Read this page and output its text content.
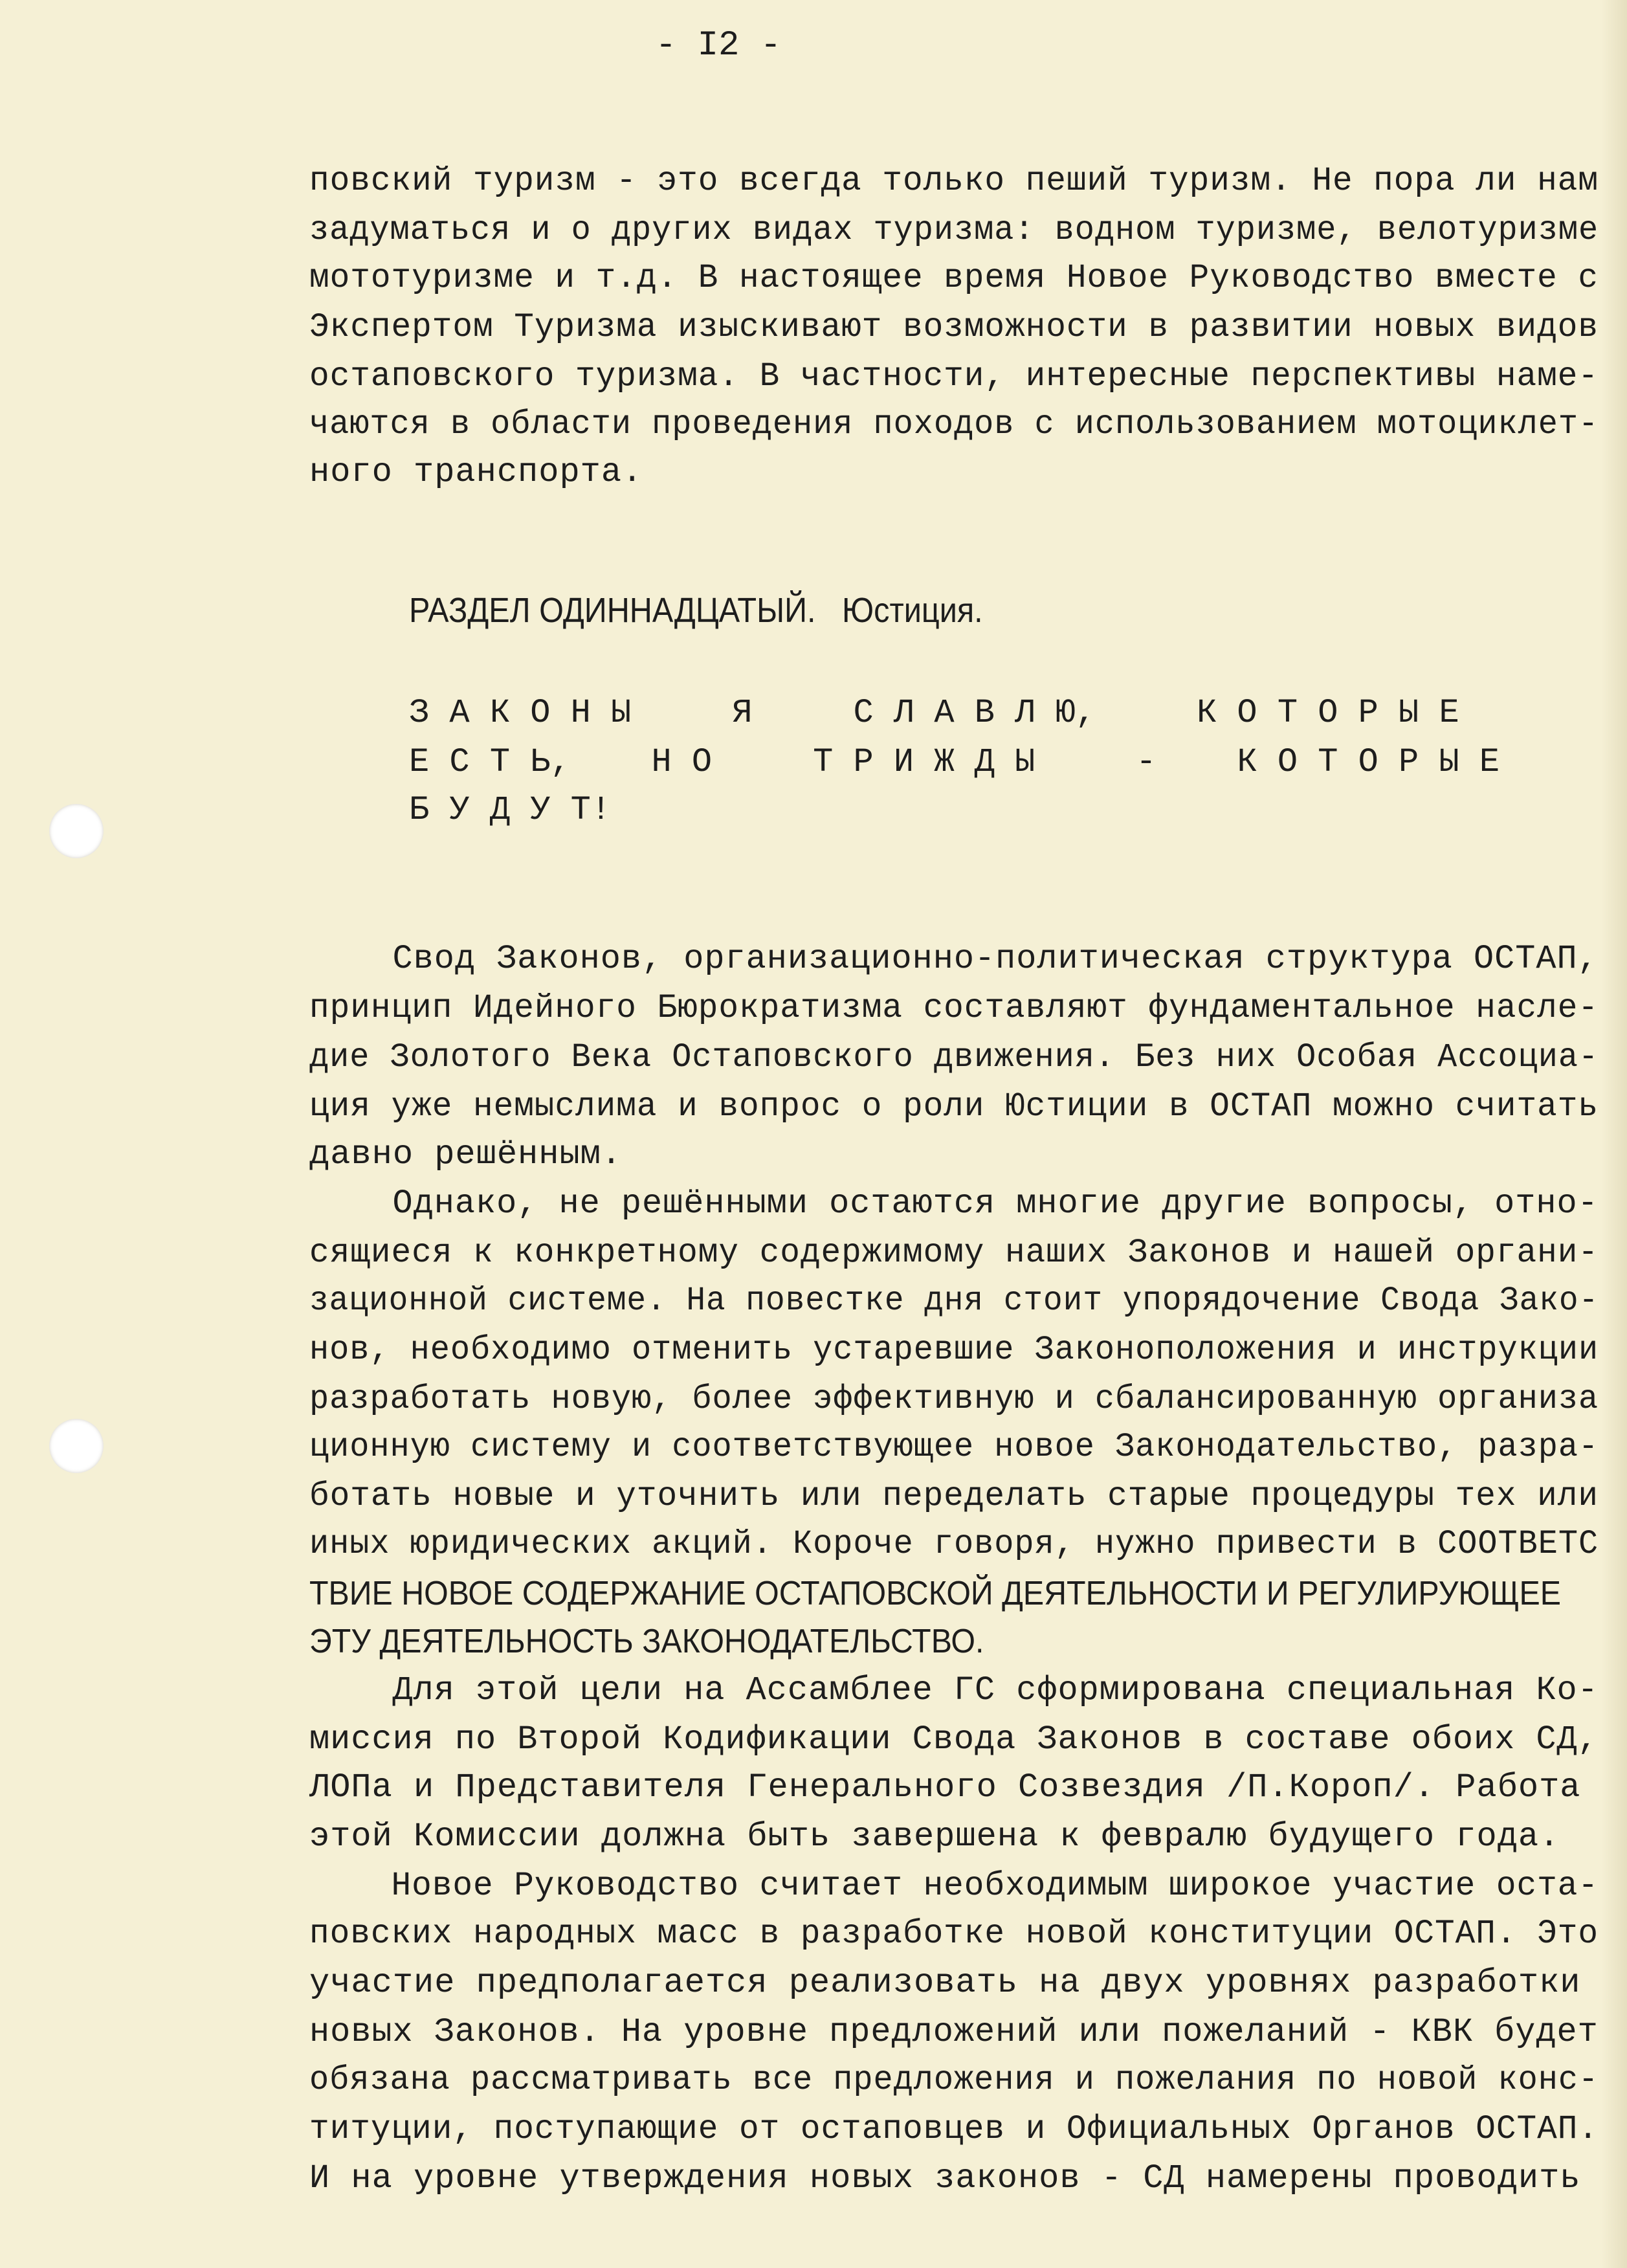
- I2 -
повский туризм - это всегда только пеший туризм. Не пора ли нам
задуматься и о других видах туризма: водном туризме, велотуризме
мототуризме и т.д. В настоящее время Новое Руководство вместе с
Экспертом Туризма изыскивают возможности в развитии новых видов
остаповского туризма. В частности, интересные перспективы наме-
чаются в области проведения походов с использованием мотоциклет-
ного транспорта.
РАЗДЕЛ ОДИННАДЦАТЫЙ.   Юстиция.
З А К О Н Ы     Я     С Л А В Л Ю,     К О Т О Р Ы Е
Е С Т Ь,    Н О     Т Р И Ж Д Ы     -    К О Т О Р Ы Е
Б У Д У Т!
Свод Законов, организационно-политическая структура ОСТАП,
принцип Идейного Бюрократизма составляют фундаментальное насле-
дие Золотого Века Остаповского движения. Без них Особая Ассоциа-
ция уже немыслима и вопрос о роли Юстиции в ОСТАП можно считать
давно решённым.
Однако, не решёнными остаются многие другие вопросы, отно-
сящиеся к конкретному содержимому наших Законов и нашей органи-
зационной системе. На повестке дня стоит упорядочение Свода Зако-
нов, необходимо отменить устаревшие Законоположения и инструкции
разработать новую, более эффективную и сбалансированную организа
ционную систему и соответствующее новое Законодательство, разра-
ботать новые и уточнить или переделать старые процедуры тех или
иных юридических акций. Короче говоря, нужно привести в СООТВЕТС
ТВИЕ НОВОЕ СОДЕРЖАНИЕ ОСТАПОВСКОЙ ДЕЯТЕЛЬНОСТИ И РЕГУЛИРУЮЩЕЕ
ЭТУ ДЕЯТЕЛЬНОСТЬ ЗАКОНОДАТЕЛЬСТВО.
Для этой цели на Ассамблее ГС сформирована специальная Ко-
миссия по Второй Кодификации Свода Законов в составе обоих СД,
ЛОПа и Представителя Генерального Созвездия /П.Короп/. Работа
этой Комиссии должна быть завершена к февралю будущего года.
Новое Руководство считает необходимым широкое участие оста-
повских народных масс в разработке новой конституции ОСТАП. Это
участие предполагается реализовать на двух уровнях разработки
новых Законов. На уровне предложений или пожеланий - КВК будет
обязана рассматривать все предложения и пожелания по новой конс-
титуции, поступающие от остаповцев и Официальных Органов ОСТАП.
И на уровне утверждения новых законов - СД намерены проводить
